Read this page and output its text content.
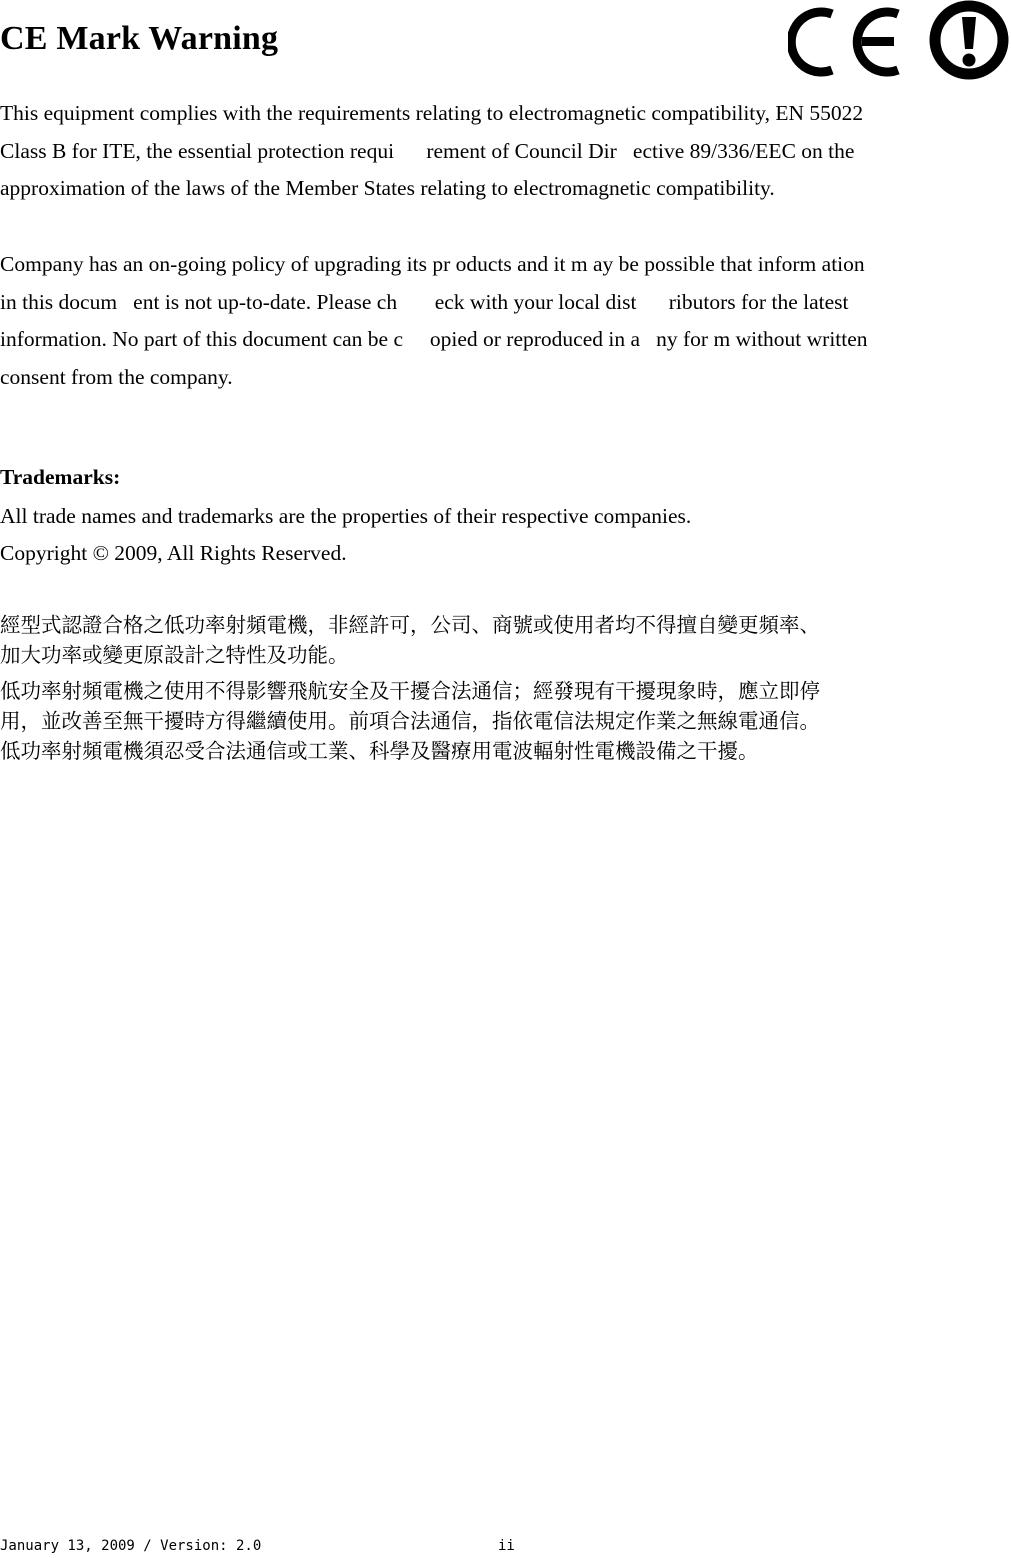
CE Mark Warning
This equipment complies with the requirements relating to electromagnetic compatibility, EN 55022
Class B for ITE, the essential protection requi      rement of Council Dir   ective 89/336/EEC on the
approximation of the laws of the Member States relating to electromagnetic compatibility.
Company has an on-going policy of upgrading its pr oducts and it m ay be possible that inform ation
in this docum   ent is not up-to-date. Please ch       eck with your local dist      ributors for the latest
information. No part of this document can be c     opied or reproduced in a   ny for m without written
consent from the company.
Trademarks:
All trade names and trademarks are the properties of their respective companies.
Copyright © 2009, All Rights Reserved.
經型式認證合格之低功率射頻電機，非經許可，公司、商號或使用者均不得擅自變更頻率、
加大功率或變更原設計之特性及功能。
低功率射頻電機之使用不得影響飛航安全及干擾合法通信；經發現有干擾現象時，應立即停
用，並改善至無干擾時方得繼續使用。前項合法通信，指依電信法規定作業之無線電通信。
低功率射頻電機須忍受合法通信或工業、科學及醫療用電波輻射性電機設備之干擾。
January 13, 2009 / Version: 2.0	ii
